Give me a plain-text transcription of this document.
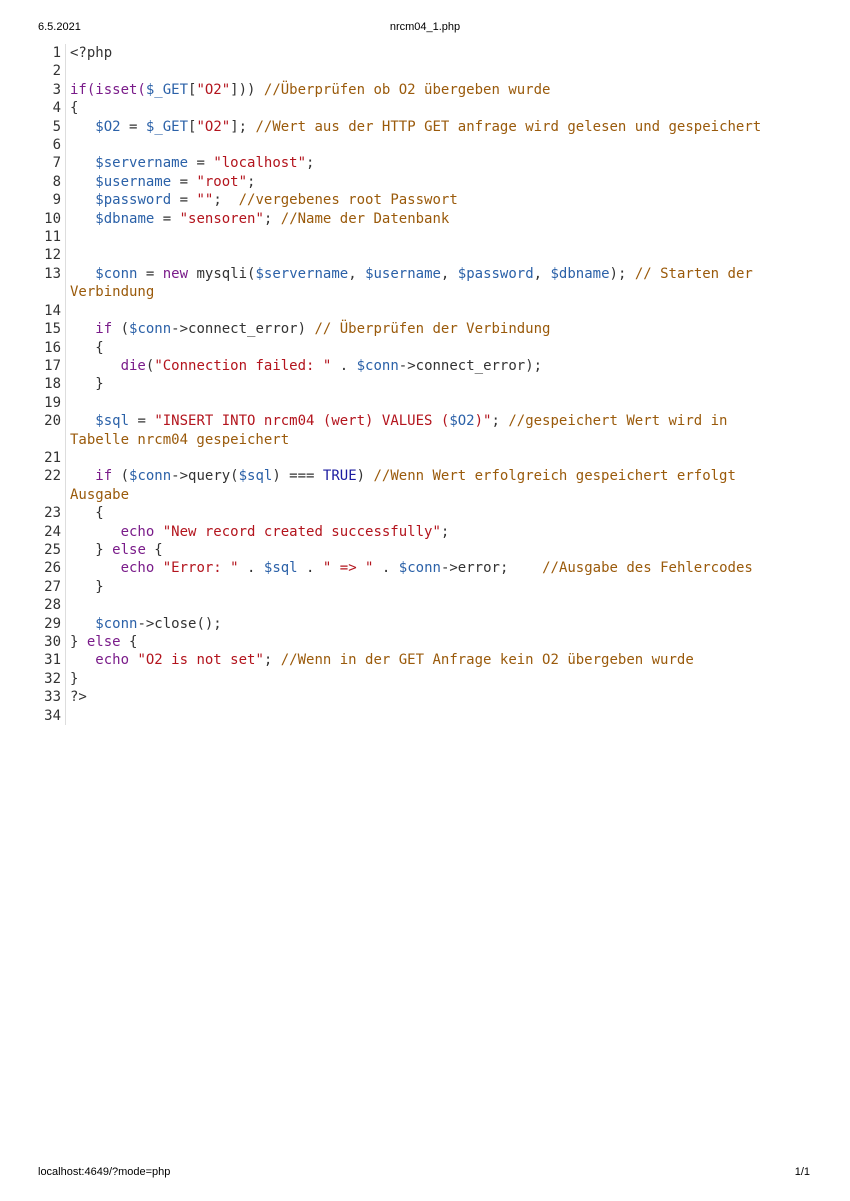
6.5.2021	nrcm04_1.php
1 <?php
2
3 if(isset($_GET["O2"])) //Überprüfen ob O2 übergeben wurde
4 {
5	$O2 = $_GET["O2"]; //Wert aus der HTTP GET anfrage wird gelesen und gespeichert
6
7	$servername = "localhost";
8	$username = "root";
9	$password = "";  //vergebenes root Passwort
10	$dbname = "sensoren"; //Name der Datenbank
11
12
13	$conn = new mysqli($servername, $username, $password, $dbname); // Starten der Verbindung
14
15	if ($conn->connect_error) // Überprüfen der Verbindung
16 {
17	die("Connection failed: " . $conn->connect_error);
18 }
19
20	$sql = "INSERT INTO nrcm04 (wert) VALUES ($O2)"; //gespeichert Wert wird in Tabelle nrcm04 gespeichert
21
22	if ($conn->query($sql) === TRUE) //Wenn Wert erfolgreich gespeichert erfolgt Ausgabe
23 {
24	echo "New record created successfully";
25 } else {
26	echo "Error: " . $sql . " => " . $conn->error;    //Ausgabe des Fehlercodes
27 }
28
29	$conn->close();
30 } else {
31	echo "O2 is not set"; //Wenn in der GET Anfrage kein O2 übergeben wurde
32 }
33 ?>
34
localhost:4649/?mode=php	1/1
